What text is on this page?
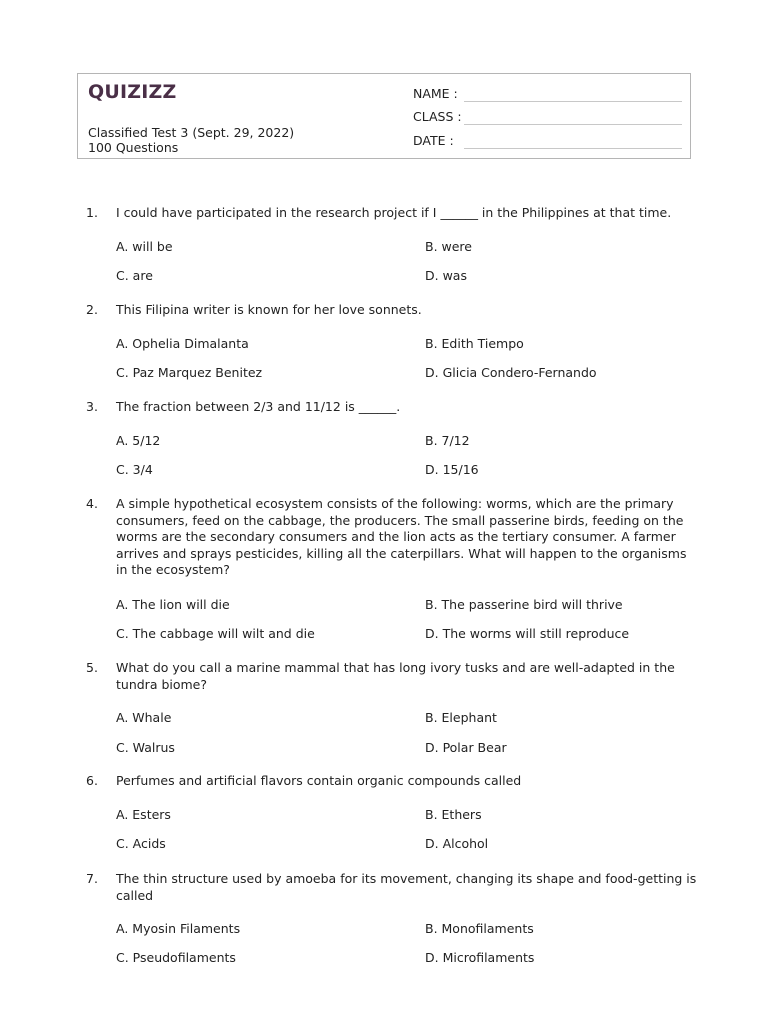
QUIZIZZ
Classified Test 3 (Sept. 29, 2022)
100 Questions
NAME :
CLASS :
DATE :
1. I could have participated in the research project if I ______ in the Philippines at that time.
A. will be	B. were
C. are	D. was
2. This Filipina writer is known for her love sonnets.
A. Ophelia Dimalanta	B. Edith Tiempo
C. Paz Marquez Benitez	D. Glicia Condero-Fernando
3. The fraction between 2/3 and 11/12 is ______.
A. 5/12	B. 7/12
C. 3/4	D. 15/16
4. A simple hypothetical ecosystem consists of the following: worms, which are the primary consumers, feed on the cabbage, the producers. The small passerine birds, feeding on the worms are the secondary consumers and the lion acts as the tertiary consumer. A farmer arrives and sprays pesticides, killing all the caterpillars. What will happen to the organisms in the ecosystem?
A. The lion will die	B. The passerine bird will thrive
C. The cabbage will wilt and die	D. The worms will still reproduce
5. What do you call a marine mammal that has long ivory tusks and are well-adapted in the tundra biome?
A. Whale	B. Elephant
C. Walrus	D. Polar Bear
6. Perfumes and artificial flavors contain organic compounds called
A. Esters	B. Ethers
C. Acids	D. Alcohol
7. The thin structure used by amoeba for its movement, changing its shape and food-getting is called
A. Myosin Filaments	B. Monofilaments
C. Pseudofilaments	D. Microfilaments
